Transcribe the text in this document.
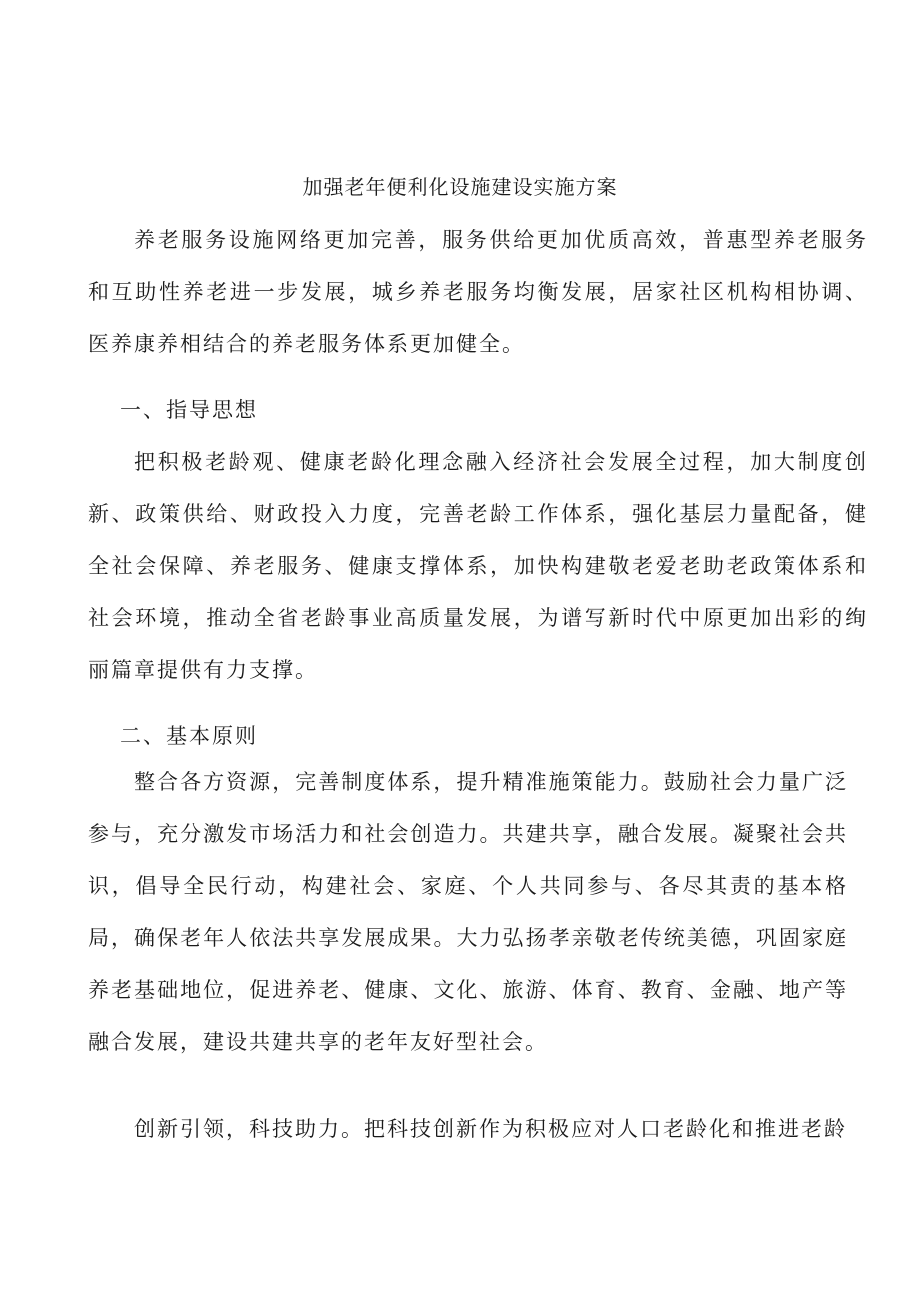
加强老年便利化设施建设实施方案

养老服务设施网络更加完善，服务供给更加优质高效，普惠型养老服务和互助性养老进一步发展，城乡养老服务均衡发展，居家社区机构相协调、医养康养相结合的养老服务体系更加健全。

一、指导思想

把积极老龄观、健康老龄化理念融入经济社会发展全过程，加大制度创新、政策供给、财政投入力度，完善老龄工作体系，强化基层力量配备，健全社会保障、养老服务、健康支撑体系，加快构建敬老爱老助老政策体系和社会环境，推动全省老龄事业高质量发展，为谱写新时代中原更加出彩的绚丽篇章提供有力支撑。

二、基本原则

整合各方资源，完善制度体系，提升精准施策能力。鼓励社会力量广泛参与，充分激发市场活力和社会创造力。共建共享，融合发展。凝聚社会共识，倡导全民行动，构建社会、家庭、个人共同参与、各尽其责的基本格局，确保老年人依法共享发展成果。大力弘扬孝亲敬老传统美德，巩固家庭养老基础地位，促进养老、健康、文化、旅游、体育、教育、金融、地产等融合发展，建设共建共享的老年友好型社会。

创新引领，科技助力。把科技创新作为积极应对人口老龄化和推进老龄
